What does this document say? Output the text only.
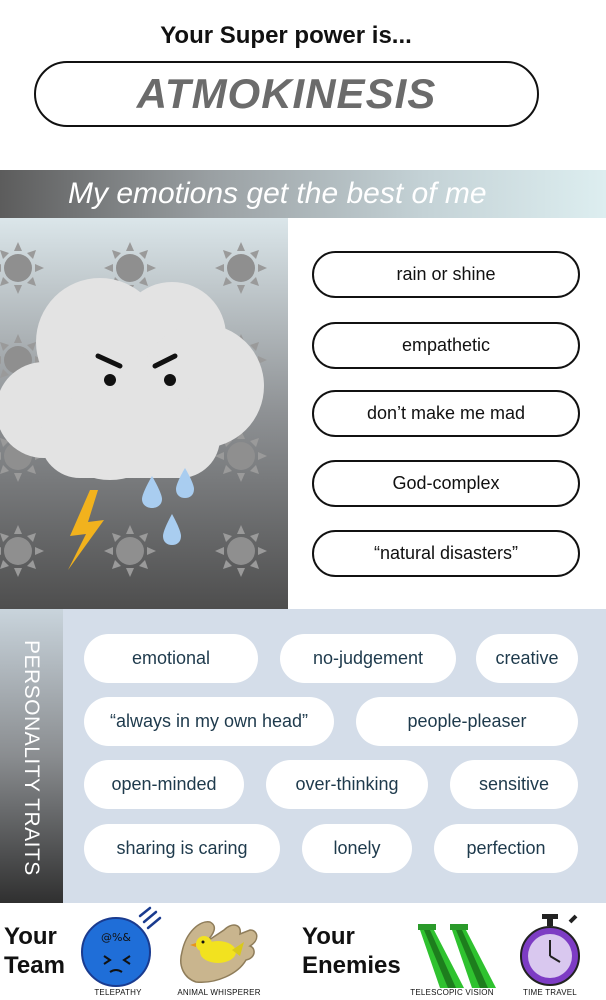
Your Super power is...
ATMOKINESIS
My emotions get the best of me
rain or shine
empathetic
don’t make me mad
God-complex
“natural disasters”
PERSONALITY TRAITS	emotional	no-judgement	creative
“always in my own head”	people-pleaser
open-minded	over-thinking	sensitive
sharing is caring	lonely	perfection
Your
Team
@%&
TELEPATHY	ANIMAL WHISPERER
Your
Enemies
TELESCOPIC VISION	TIME TRAVEL
